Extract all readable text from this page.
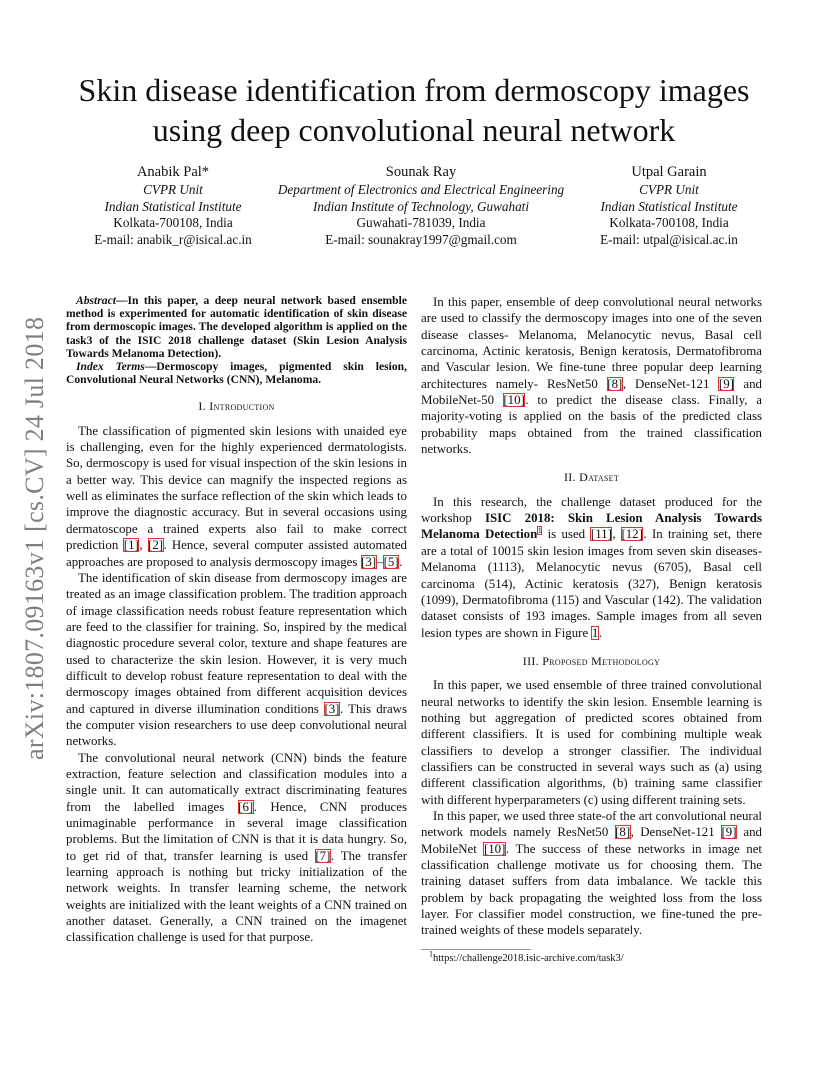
Skin disease identification from dermoscopy images
using deep convolutional neural network
Anabik Pal*
CVPR Unit
Indian Statistical Institute
Kolkata-700108, India
E-mail: anabik_r@isical.ac.in
Sounak Ray
Department of Electronics and Electrical Engineering
Indian Institute of Technology, Guwahati
Guwahati-781039, India
E-mail: sounakray1997@gmail.com
Utpal Garain
CVPR Unit
Indian Statistical Institute
Kolkata-700108, India
E-mail: utpal@isical.ac.in
arXiv:1807.09163v1 [cs.CV] 24 Jul 2018

Abstract—In this paper, a deep neural network based ensemble method is experimented for automatic identification of skin disease from dermoscopic images. The developed algorithm is applied on the task3 of the ISIC 2018 challenge dataset (Skin Lesion Analysis Towards Melanoma Detection).

Index Terms—Dermoscopy images, pigmented skin lesion, Convolutional Neural Networks (CNN), Melanoma.

I. Introduction

The classification of pigmented skin lesions with unaided eye is challenging, even for the highly experienced dermatologists. So, dermoscopy is used for visual inspection of the skin lesions in a better way. This device can magnify the inspected regions as well as eliminates the surface reflection of the skin which leads to improve the diagnostic accuracy. But in several occasions using dermatoscope a trained experts also fail to make correct prediction [1], [2]. Hence, several computer assisted automated approaches are proposed to analysis dermoscopy images [3]–[5].

The identification of skin disease from dermoscopy images are treated as an image classification problem. The tradition approach of image classification needs robust feature representation which are feed to the classifier for training. So, inspired by the medical diagnostic procedure several color, texture and shape features are used to characterize the skin lesion. However, it is very much difficult to develop robust feature representation to deal with the dermoscopy images obtained from different acquisition devices and captured in diverse illumination conditions [3]. This draws the computer vision researchers to use deep convolutional neural networks.

The convolutional neural network (CNN) binds the feature extraction, feature selection and classification modules into a single unit. It can automatically extract discriminating features from the labelled images [6]. Hence, CNN produces unimaginable performance in several image classification problems. But the limitation of CNN is that it is data hungry. So, to get rid of that, transfer learning is used [7]. The transfer learning approach is nothing but tricky initialization of the network weights. In transfer learning scheme, the network weights are initialized with the leant weights of a CNN trained on another dataset. Generally, a CNN trained on the imagenet classification challenge is used for that purpose.

In this paper, ensemble of deep convolutional neural networks are used to classify the dermoscopy images into one of the seven disease classes- Melanoma, Melanocytic nevus, Basal cell carcinoma, Actinic keratosis, Benign keratosis, Dermatofibroma and Vascular lesion. We fine-tune three popular deep learning architectures namely- ResNet50 [8], DenseNet-121 [9] and MobileNet-50 [10]. to predict the disease class. Finally, a majority-voting is applied on the basis of the predicted class probability maps obtained from the trained classification networks.

II. Dataset

In this research, the challenge dataset produced for the workshop ISIC 2018: Skin Lesion Analysis Towards Melanoma Detection$^1$ is used [11], [12]. In training set, there are a total of 10015 skin lesion images from seven skin diseases- Melanoma (1113), Melanocytic nevus (6705), Basal cell carcinoma (514), Actinic keratosis (327), Benign keratosis (1099), Dermatofibroma (115) and Vascular (142). The validation dataset consists of 193 images. Sample images from all seven lesion types are shown in Figure 1.

III. Proposed Methodology

In this paper, we used ensemble of three trained convolutional neural networks to identify the skin lesion. Ensemble learning is nothing but aggregation of predicted scores obtained from different classifiers. It is used for combining multiple weak classifiers to develop a stronger classifier. The individual classifiers can be constructed in several ways such as (a) using different classification algorithms, (b) training same classifier with different hyperparameters (c) using different training sets.

In this paper, we used three state-of the art convolutional neural network models namely ResNet50 [8], DenseNet-121 [9] and MobileNet [10]. The success of these networks in image net classification challenge motivate us for choosing them. The training dataset suffers from data imbalance. We tackle this problem by back propagating the weighted loss from the loss layer. For classifier model construction, we fine-tuned the pre-trained weights of these models separately.

$^1$https://challenge2018.isic-archive.com/task3/
